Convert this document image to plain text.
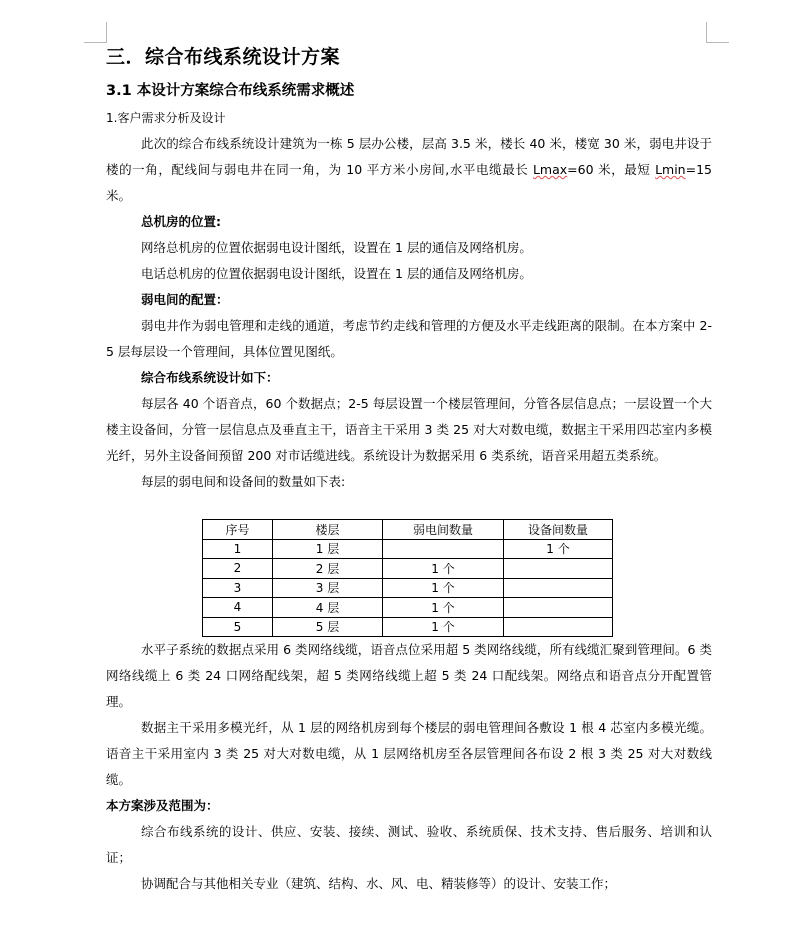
三．综合布线系统设计方案
3.1 本设计方案综合布线系统需求概述

1.客户需求分析及设计

此次的综合布线系统设计建筑为一栋 5 层办公楼，层高 3.5 米，楼长 40 米，楼宽 30 米，弱电井设于楼的一角，配线间与弱电井在同一角，为 10 平方米小房间,水平电缆最长 Lmax=60 米，最短 Lmin=15 米。

总机房的位置:

网络总机房的位置依据弱电设计图纸，设置在 1 层的通信及网络机房。

电话总机房的位置依据弱电设计图纸，设置在 1 层的通信及网络机房。

弱电间的配置：

弱电井作为弱电管理和走线的通道，考虑节约走线和管理的方便及水平走线距离的限制。在本方案中 2-5 层每层设一个管理间，具体位置见图纸。

综合布线系统设计如下：

每层各 40 个语音点，60 个数据点；2-5 每层设置一个楼层管理间，分管各层信息点；一层设置一个大楼主设备间，分管一层信息点及垂直主干，语音主干采用 3 类 25 对大对数电缆，数据主干采用四芯室内多模光纤，另外主设备间预留 200 对市话缆进线。系统设计为数据采用 6 类系统，语音采用超五类系统。

每层的弱电间和设备间的数量如下表:

序号	楼层	弱电间数量	设备间数量
1	1 层		1 个
2	2 层	1 个	
3	3 层	1 个	
4	4 层	1 个	
5	5 层	1 个	

水平子系统的数据点采用 6 类网络线缆，语音点位采用超 5 类网络线缆，所有线缆汇聚到管理间。6 类网络线缆上 6 类 24 口网络配线架，超 5 类网络线缆上超 5 类 24 口配线架。网络点和语音点分开配置管理。

数据主干采用多模光纤，从 1 层的网络机房到每个楼层的弱电管理间各敷设 1 根 4 芯室内多模光缆。语音主干采用室内 3 类 25 对大对数电缆，从 1 层网络机房至各层管理间各布设 2 根 3 类 25 对大对数线缆。

本方案涉及范围为：

综合布线系统的设计、供应、安装、接续、测试、验收、系统质保、技术支持、售后服务、培训和认证；

协调配合与其他相关专业（建筑、结构、水、风、电、精装修等）的设计、安装工作；
